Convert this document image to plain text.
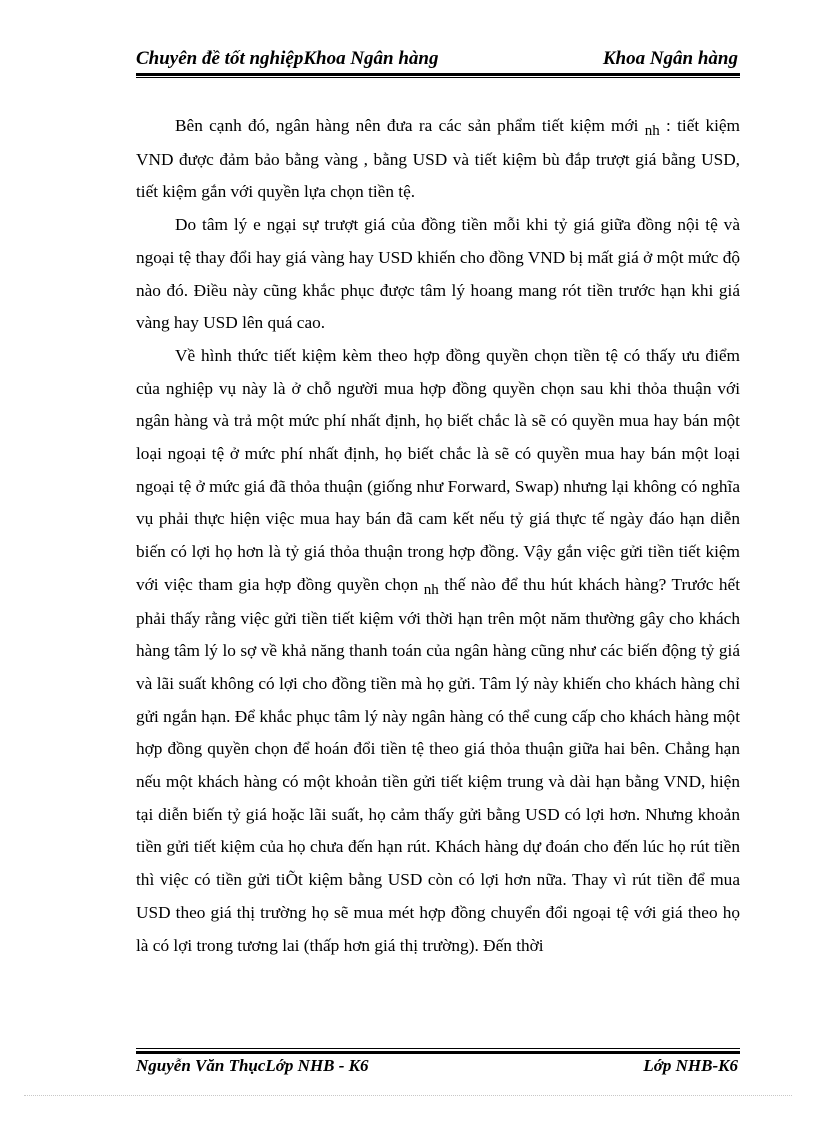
Chuyên đề tốt nghiệpKhoa Ngân hàng	Khoa Ngân hàng

Bên cạnh đó, ngân hàng nên đưa ra các sản phẩm tiết kiệm mới nh : tiết kiệm VND được đảm bảo bằng vàng , bằng USD và tiết kiệm bù đắp trượt giá bằng USD, tiết kiệm gắn với quyền lựa chọn tiền tệ.

Do tâm lý e ngại sự trượt giá của đồng tiền mỗi khi tỷ giá giữa đồng nội tệ và ngoại tệ thay đổi hay giá vàng hay USD khiến cho đồng VND bị mất giá ở một mức độ nào đó. Điều này cũng khắc phục được tâm lý hoang mang rót tiền trước hạn khi giá vàng hay USD lên quá cao.

Về hình thức tiết kiệm kèm theo hợp đồng quyền chọn tiền tệ có thấy ưu điểm của nghiệp vụ này là ở chỗ người mua hợp đồng quyền chọn sau khi thỏa thuận với ngân hàng và trả một mức phí nhất định, họ biết chắc là sẽ có quyền mua hay bán một loại ngoại tệ ở mức phí nhất định, họ biết chắc là sẽ có quyền mua hay bán một loại ngoại tệ ở mức giá đã thỏa thuận (giống như Forward, Swap) nhưng lại không có nghĩa vụ phải thực hiện việc mua hay bán đã cam kết nếu tỷ giá thực tế ngày đáo hạn diễn biến có lợi họ hơn là tỷ giá thỏa thuận trong hợp đồng. Vậy gắn việc gửi tiền tiết kiệm với việc tham gia hợp đồng quyền chọn nh thế nào để thu hút khách hàng? Trước hết phải thấy rằng việc gửi tiền tiết kiệm với thời hạn trên một năm thường gây cho khách hàng tâm lý lo sợ về khả năng thanh toán của ngân hàng cũng như các biến động tỷ giá và lãi suất không có lợi cho đồng tiền mà họ gửi. Tâm lý này khiến cho khách hàng chỉ gửi ngắn hạn. Để khắc phục tâm lý này ngân hàng có thể cung cấp cho khách hàng một hợp đồng quyền chọn để hoán đổi tiền tệ theo giá thỏa thuận giữa hai bên. Chẳng hạn nếu một khách hàng có một khoản tiền gửi tiết kiệm trung và dài hạn bằng VND, hiện tại diễn biến tỷ giá hoặc lãi suất, họ cảm thấy gửi bằng USD có lợi hơn. Nhưng khoản tiền gửi tiết kiệm của họ chưa đến hạn rút. Khách hàng dự đoán cho đến lúc họ rút tiền thì việc có tiền gửi tiÕt kiệm bằng USD còn có lợi hơn nữa. Thay vì rút tiền để mua USD theo giá thị trường họ sẽ mua mét hợp đồng chuyển đổi ngoại tệ với giá theo họ là có lợi trong tương lai (thấp hơn giá thị trường). Đến thời

Nguyễn Văn ThụcLớp NHB - K6	Lớp NHB-K6
